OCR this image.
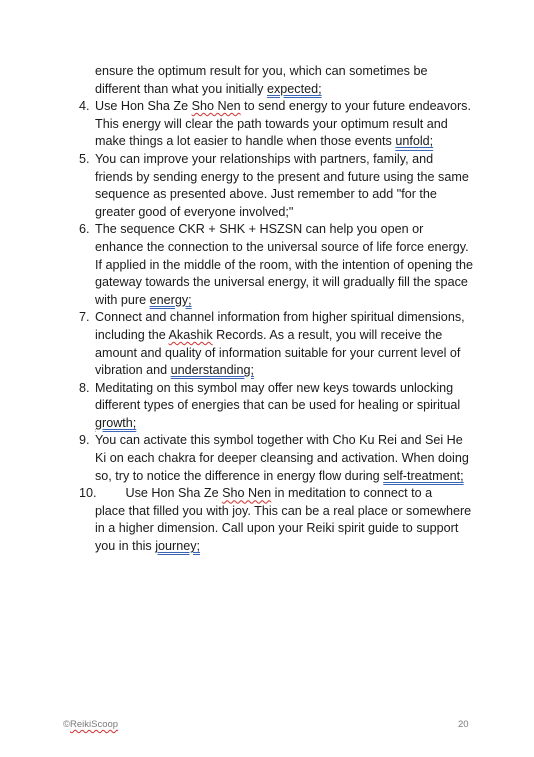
ensure the optimum result for you, which can sometimes be different than what you initially expected;
4. Use Hon Sha Ze Sho Nen to send energy to your future endeavors. This energy will clear the path towards your optimum result and make things a lot easier to handle when those events unfold;
5. You can improve your relationships with partners, family, and friends by sending energy to the present and future using the same sequence as presented above. Just remember to add "for the greater good of everyone involved;"
6. The sequence CKR + SHK + HSZSN can help you open or enhance the connection to the universal source of life force energy. If applied in the middle of the room, with the intention of opening the gateway towards the universal energy, it will gradually fill the space with pure energy;
7. Connect and channel information from higher spiritual dimensions, including the Akashik Records. As a result, you will receive the amount and quality of information suitable for your current level of vibration and understanding;
8. Meditating on this symbol may offer new keys towards unlocking different types of energies that can be used for healing or spiritual growth;
9. You can activate this symbol together with Cho Ku Rei and Sei He Ki on each chakra for deeper cleansing and activation. When doing so, try to notice the difference in energy flow during self-treatment;
10. Use Hon Sha Ze Sho Nen in meditation to connect to a
place that filled you with joy. This can be a real place or somewhere in a higher dimension. Call upon your Reiki spirit guide to support you in this journey;
©ReikiScoop	20
